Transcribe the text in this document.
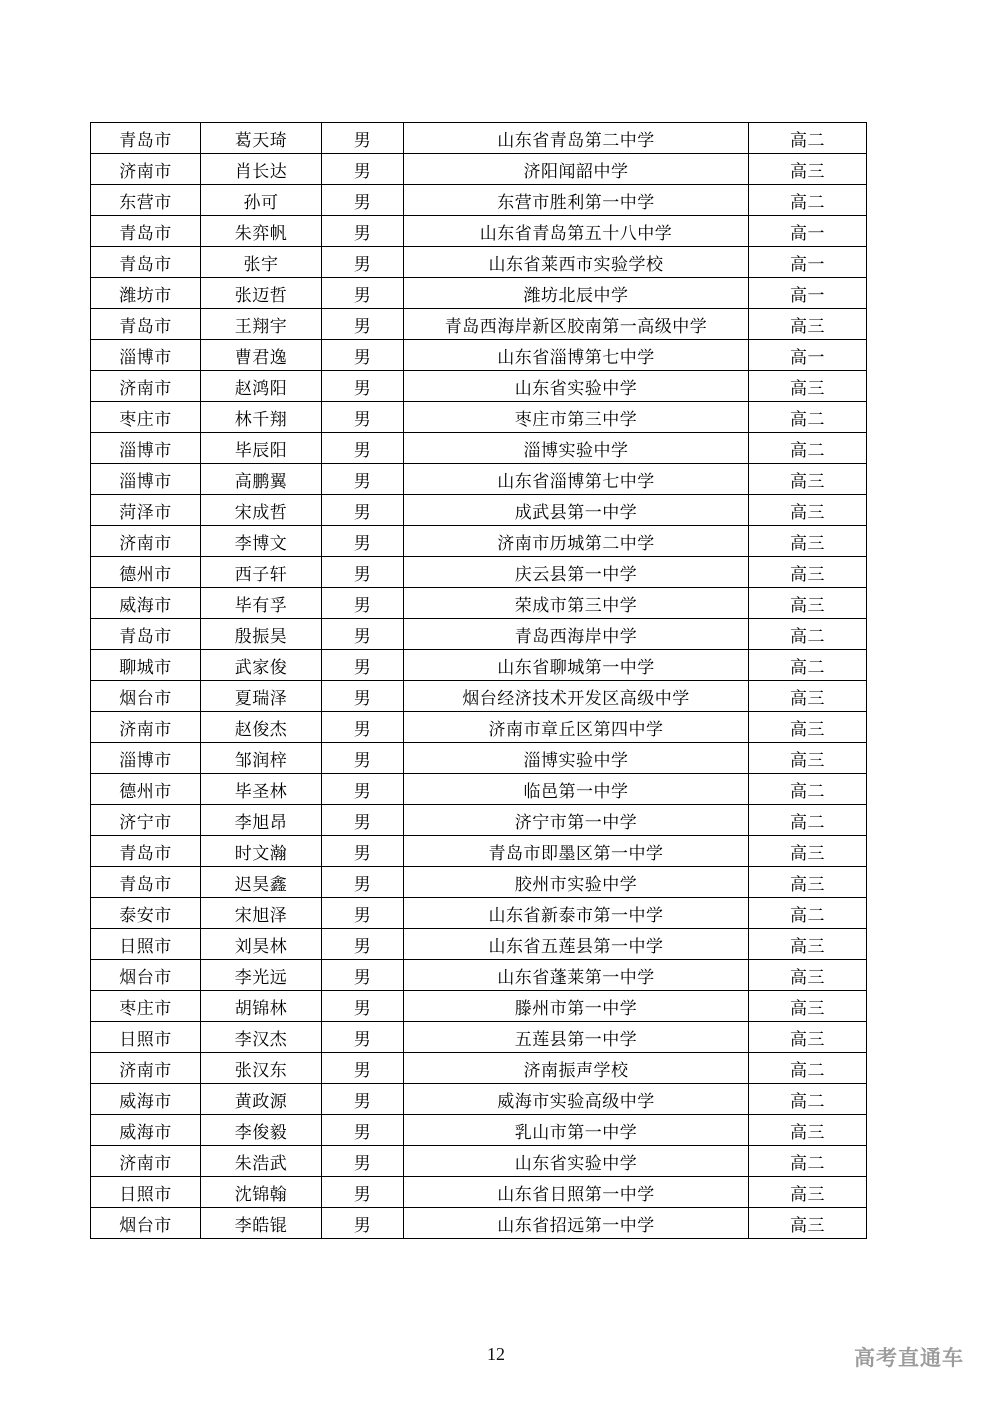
青岛市	葛天琦	男	山东省青岛第二中学	高二
济南市	肖长达	男	济阳闻韶中学	高三
东营市	孙可	男	东营市胜利第一中学	高二
青岛市	朱弈帆	男	山东省青岛第五十八中学	高一
青岛市	张宇	男	山东省莱西市实验学校	高一
潍坊市	张迈哲	男	潍坊北辰中学	高一
青岛市	王翔宇	男	青岛西海岸新区胶南第一高级中学	高三
淄博市	曹君逸	男	山东省淄博第七中学	高一
济南市	赵鸿阳	男	山东省实验中学	高三
枣庄市	林千翔	男	枣庄市第三中学	高二
淄博市	毕辰阳	男	淄博实验中学	高二
淄博市	高鹏翼	男	山东省淄博第七中学	高三
菏泽市	宋成哲	男	成武县第一中学	高三
济南市	李博文	男	济南市历城第二中学	高三
德州市	西子轩	男	庆云县第一中学	高三
威海市	毕有孚	男	荣成市第三中学	高三
青岛市	殷振昊	男	青岛西海岸中学	高二
聊城市	武家俊	男	山东省聊城第一中学	高二
烟台市	夏瑞泽	男	烟台经济技术开发区高级中学	高三
济南市	赵俊杰	男	济南市章丘区第四中学	高三
淄博市	邹润梓	男	淄博实验中学	高三
德州市	毕圣林	男	临邑第一中学	高二
济宁市	李旭昂	男	济宁市第一中学	高二
青岛市	时文瀚	男	青岛市即墨区第一中学	高三
青岛市	迟昊鑫	男	胶州市实验中学	高三
泰安市	宋旭泽	男	山东省新泰市第一中学	高二
日照市	刘昊林	男	山东省五莲县第一中学	高三
烟台市	李光远	男	山东省蓬莱第一中学	高三
枣庄市	胡锦林	男	滕州市第一中学	高三
日照市	李汉杰	男	五莲县第一中学	高三
济南市	张汉东	男	济南振声学校	高二
威海市	黄政源	男	威海市实验高级中学	高二
威海市	李俊毅	男	乳山市第一中学	高三
济南市	朱浩武	男	山东省实验中学	高二
日照市	沈锦翰	男	山东省日照第一中学	高三
烟台市	李皓锟	男	山东省招远第一中学	高三
12	高考直通车
